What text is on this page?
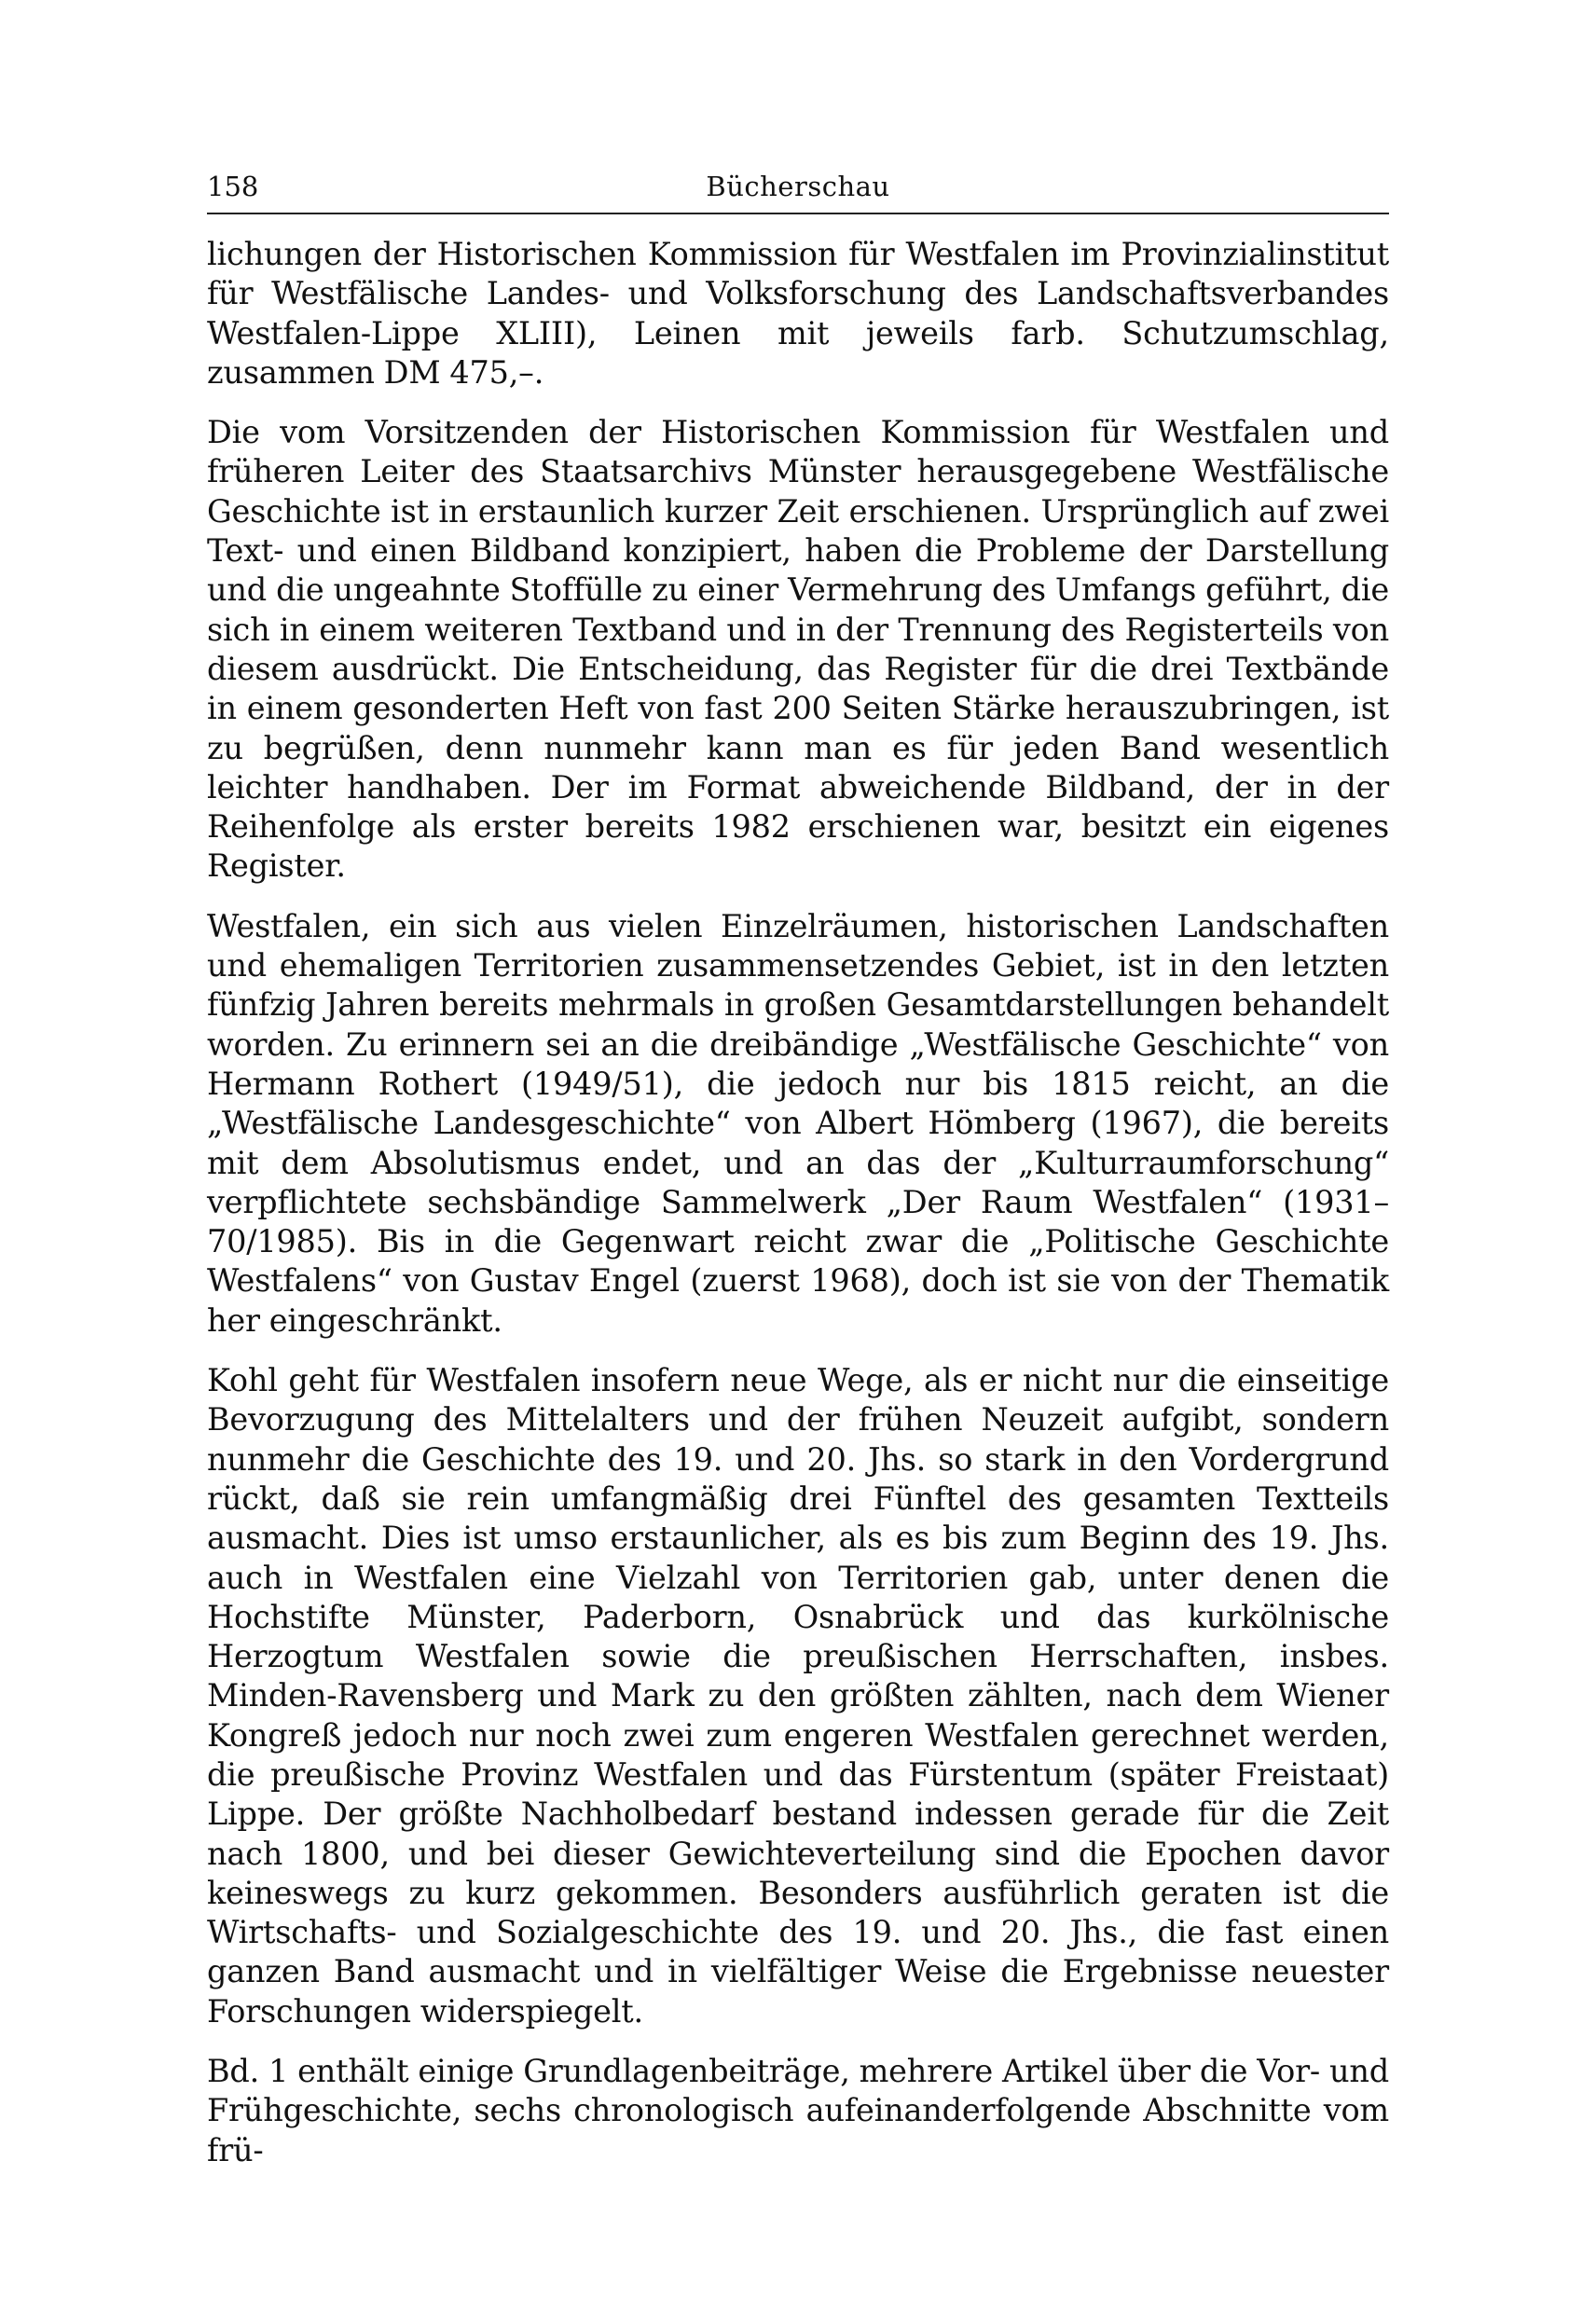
158	Bücherschau

lichungen der Historischen Kommission für Westfalen im Provinzialinstitut für Westfälische Landes- und Volksforschung des Landschaftsverbandes Westfalen-Lippe XLIII), Leinen mit jeweils farb. Schutzumschlag, zusammen DM 475,–.

Die vom Vorsitzenden der Historischen Kommission für Westfalen und früheren Leiter des Staatsarchivs Münster herausgegebene Westfälische Geschichte ist in erstaunlich kurzer Zeit erschienen. Ursprünglich auf zwei Text- und einen Bildband konzipiert, haben die Probleme der Darstellung und die ungeahnte Stoffülle zu einer Vermehrung des Umfangs geführt, die sich in einem weiteren Textband und in der Trennung des Registerteils von diesem ausdrückt. Die Entscheidung, das Register für die drei Textbände in einem gesonderten Heft von fast 200 Seiten Stärke herauszubringen, ist zu begrüßen, denn nunmehr kann man es für jeden Band wesentlich leichter handhaben. Der im Format abweichende Bildband, der in der Reihenfolge als erster bereits 1982 erschienen war, besitzt ein eigenes Register.

Westfalen, ein sich aus vielen Einzelräumen, historischen Landschaften und ehemaligen Territorien zusammensetzendes Gebiet, ist in den letzten fünfzig Jahren bereits mehrmals in großen Gesamtdarstellungen behandelt worden. Zu erinnern sei an die dreibändige „Westfälische Geschichte“ von Hermann Rothert (1949/51), die jedoch nur bis 1815 reicht, an die „Westfälische Landesgeschichte“ von Albert Hömberg (1967), die bereits mit dem Absolutismus endet, und an das der „Kulturraumforschung“ verpflichtete sechsbändige Sammelwerk „Der Raum Westfalen“ (1931–70/1985). Bis in die Gegenwart reicht zwar die „Politische Geschichte Westfalens“ von Gustav Engel (zuerst 1968), doch ist sie von der Thematik her eingeschränkt.

Kohl geht für Westfalen insofern neue Wege, als er nicht nur die einseitige Bevorzugung des Mittelalters und der frühen Neuzeit aufgibt, sondern nunmehr die Geschichte des 19. und 20. Jhs. so stark in den Vordergrund rückt, daß sie rein umfangmäßig drei Fünftel des gesamten Textteils ausmacht. Dies ist umso erstaunlicher, als es bis zum Beginn des 19. Jhs. auch in Westfalen eine Vielzahl von Territorien gab, unter denen die Hochstifte Münster, Paderborn, Osnabrück und das kurkölnische Herzogtum Westfalen sowie die preußischen Herrschaften, insbes. Minden-Ravensberg und Mark zu den größten zählten, nach dem Wiener Kongreß jedoch nur noch zwei zum engeren Westfalen gerechnet werden, die preußische Provinz Westfalen und das Fürstentum (später Freistaat) Lippe. Der größte Nachholbedarf bestand indessen gerade für die Zeit nach 1800, und bei dieser Gewichteverteilung sind die Epochen davor keineswegs zu kurz gekommen. Besonders ausführlich geraten ist die Wirtschafts- und Sozialgeschichte des 19. und 20. Jhs., die fast einen ganzen Band ausmacht und in vielfältiger Weise die Ergebnisse neuester Forschungen widerspiegelt.

Bd. 1 enthält einige Grundlagenbeiträge, mehrere Artikel über die Vor- und Frühgeschichte, sechs chronologisch aufeinanderfolgende Abschnitte vom frü-
